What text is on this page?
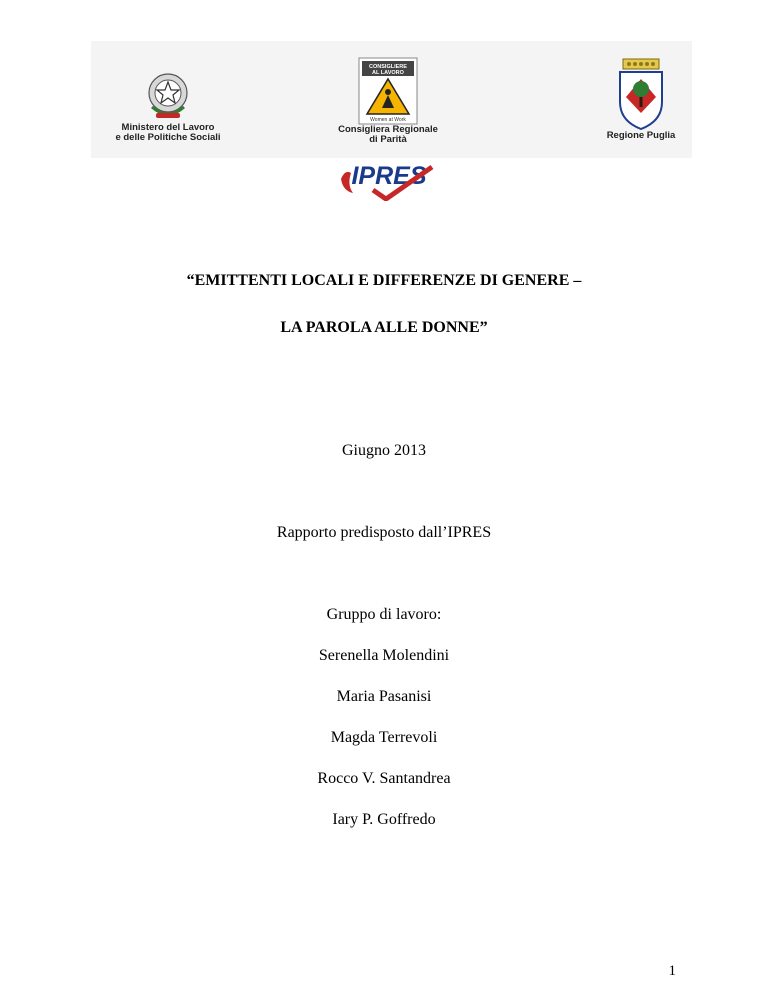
Ministero del Lavoro
e delle Politiche Sociali
CONSIGLIERE
AL LAVORO
Women at Work
Consigliera Regionale
di Parità	Regione Puglia
IPRES
“EMITTENTI LOCALI E DIFFERENZE DI GENERE –
LA PAROLA ALLE DONNE”
Giugno 2013
Rapporto predisposto dall’IPRES
Gruppo di lavoro:
Serenella Molendini
Maria Pasanisi
Magda Terrevoli
Rocco V. Santandrea
Iary P. Goffredo
1
